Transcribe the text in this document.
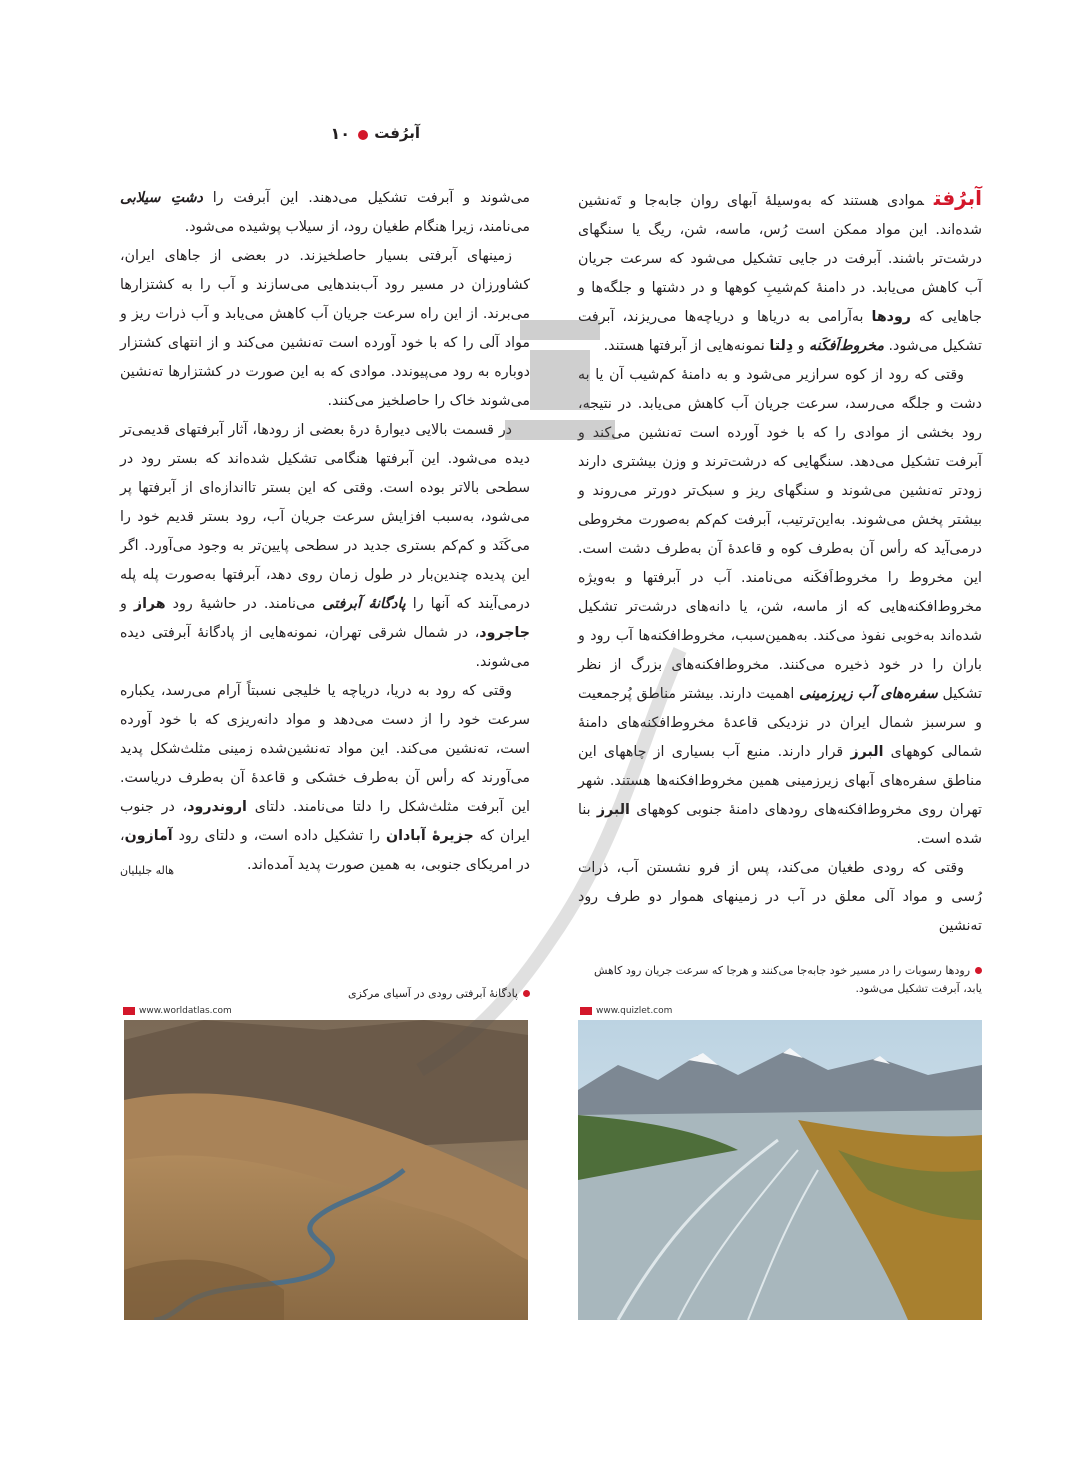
آبرُفت
۱۰

آبرُفتموادی هستند که به‌وسیلهٔ آبهای روان جابه‌جا و تَه‌نشین شده‌اند. این مواد ممکن است رُس، ماسه، شن، ریگ یا سنگهای درشت‌تر باشند. آبرفت در جایی تشکیل می‌شود که سرعت جریان آب کاهش می‌یابد. در دامنهٔ کم‌شیبِ کوهها و در دشتها و جلگه‌ها و جاهایی که رودها به‌آرامی به دریاها و دریاچه‌ها می‌ریزند، آبرفت تشکیل می‌شود. مخروط‌اَفکَنه و دِلتا نمونه‌هایی از آبرفتها هستند.

وقتی که رود از کوه سرازیر می‌شود و به دامنهٔ کم‌شیب آن یا به دشت و جلگه می‌رسد، سرعت جریان آب کاهش می‌یابد. در نتیجه، رود بخشی از موادی را که با خود آورده است ته‌نشین می‌کند و آبرفت تشکیل می‌دهد. سنگهایی که درشت‌ترند و وزن بیشتری دارند زودتر ته‌نشین می‌شوند و سنگهای ریز و سبک‌تر دورتر می‌روند و بیشتر پخش می‌شوند. به‌این‌ترتیب، آبرفت کم‌کم به‌صورت مخروطی درمی‌آید که رأس آن به‌طرف کوه و قاعدهٔ آن به‌طرف دشت است. این مخروط را مخروط‌اَفکَنه می‌نامند. آب در آبرفتها و به‌ویژه مخروط‌افکنه‌هایی که از ماسه، شن، یا دانه‌های درشت‌تر تشکیل شده‌اند به‌خوبی نفوذ می‌کند. به‌همین‌سبب، مخروط‌افکنه‌ها آب رود و باران را در خود ذخیره می‌کنند. مخروط‌افکنه‌های بزرگ از نظر تشکیل سفره‌های آب زیرزمینی اهمیت دارند. بیشتر مناطق پُرجمعیت و سرسبز شمال ایران در نزدیکی قاعدهٔ مخروط‌افکنه‌های دامنهٔ شمالی کوههای البرز قرار دارند. منبع آب بسیاری از چاههای این مناطق سفره‌های آبهای زیرزمینی همین مخروط‌افکنه‌ها هستند. شهر تهران روی مخروط‌افکنه‌های رودهای دامنهٔ جنوبی کوههای البرز بنا شده است.

وقتی که رودی طغیان می‌کند، پس از فرو نشستن آب، ذرات رُسی و مواد آلی معلق در آب در زمینهای هموار دو طرف رود ته‌نشین

می‌شوند و آبرفت تشکیل می‌دهند. این آبرفت را دشتِ سیلابی می‌نامند، زیرا هنگام طغیان رود، از سیلاب پوشیده می‌شود.

زمینهای آبرفتی بسیار حاصلخیزند. در بعضی از جاهای ایران، کشاورزان در مسیر رود آب‌بندهایی می‌سازند و آب را به کشتزارها می‌برند. از این راه سرعت جریان آب کاهش می‌یابد و آب ذرات ریز و مواد آلی را که با خود آورده است ته‌نشین می‌کند و از انتهای کشتزار دوباره به رود می‌پیوندد. موادی که به این صورت در کشتزارها ته‌نشین می‌شوند خاک را حاصلخیز می‌کنند.

در قسمت بالایی دیوارهٔ درهٔ بعضی از رودها، آثار آبرفتهای قدیمی‌تر دیده می‌شود. این آبرفتها هنگامی تشکیل شده‌اند که بستر رود در سطحی بالاتر بوده است. وقتی که این بستر تااندازه‌ای از آبرفتها پر می‌شود، به‌سبب افزایش سرعت جریان آب، رود بستر قدیم خود را می‌کَنَد و کم‌کم بستری جدید در سطحی پایین‌تر به وجود می‌آورد. اگر این پدیده چندین‌بار در طول زمان روی دهد، آبرفتها به‌صورت پله پله درمی‌آیند که آنها را پادگانهٔ آبرفتی می‌نامند. در حاشیهٔ رود هراز و جاجرود، در شمال شرقی تهران، نمونه‌هایی از پادگانهٔ آبرفتی دیده می‌شوند.

وقتی که رود به دریا، دریاچه یا خلیجی نسبتاً آرام می‌رسد، یکباره سرعت خود را از دست می‌دهد و مواد دانه‌ریزی که با خود آورده است، ته‌نشین می‌کند. این مواد ته‌نشین‌شده زمینی مثلث‌شکل پدید می‌آورند که رأس آن به‌طرف خشکی و قاعدهٔ آن به‌طرف دریاست. این آبرفت مثلث‌شکل را دلتا می‌نامند. دلتای اروندرود، در جنوب ایران که جزیرهٔ آبادان را تشکیل داده است، و دلتای رود آمازون، در امریکای جنوبی، به همین صورت پدید آمده‌اند.

هاله جلیلیان
رودها رسوبات را در مسیر خود جابه‌جا می‌کنند و هرجا که سرعت جریان رود کاهش یابد، آبرفت تشکیل می‌شود.
پادگانهٔ آبرفتی رودی در آسیای مرکزی
www.worldatlas.com	www.quizlet.com
